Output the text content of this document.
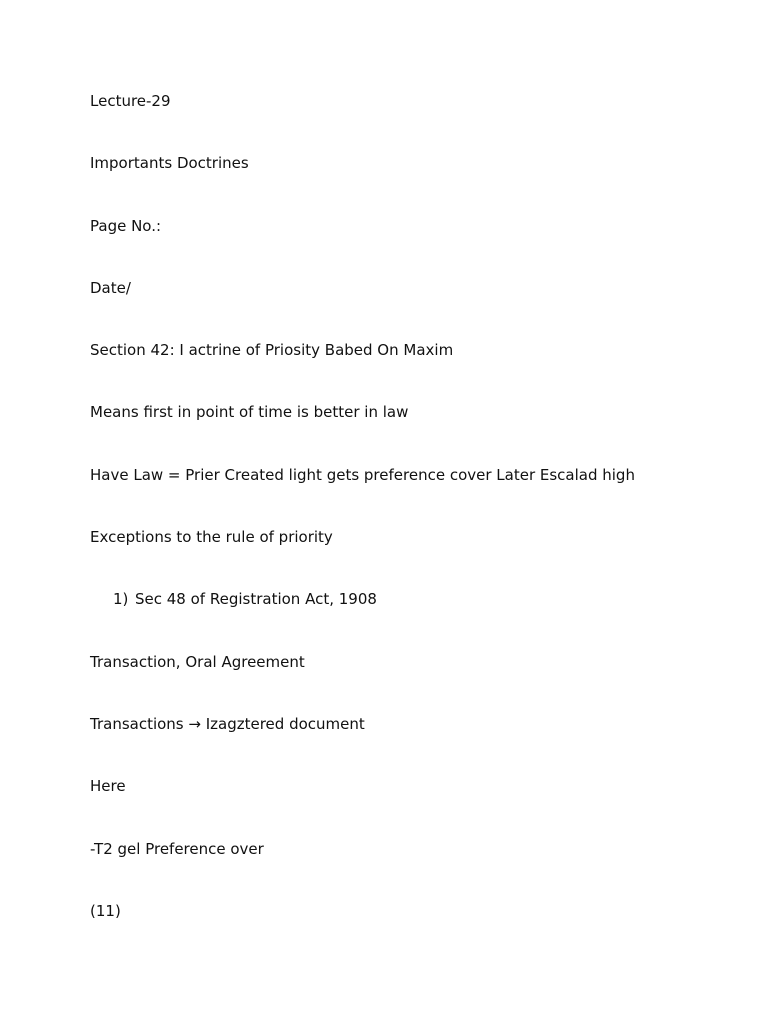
Lecture-29
Importants Doctrines
Page No.:
Date/
Section 42: I actrine of Priosity Babed On Maxim
Means first in point of time is better in law
Have Law = Prier Created light gets preference cover Later Escalad high
Exceptions to the rule of priority
1) Sec 48 of Registration Act, 1908
Transaction, Oral Agreement
Transactions → Izagztered document
Here
-T2 gel Preference over
(11)
